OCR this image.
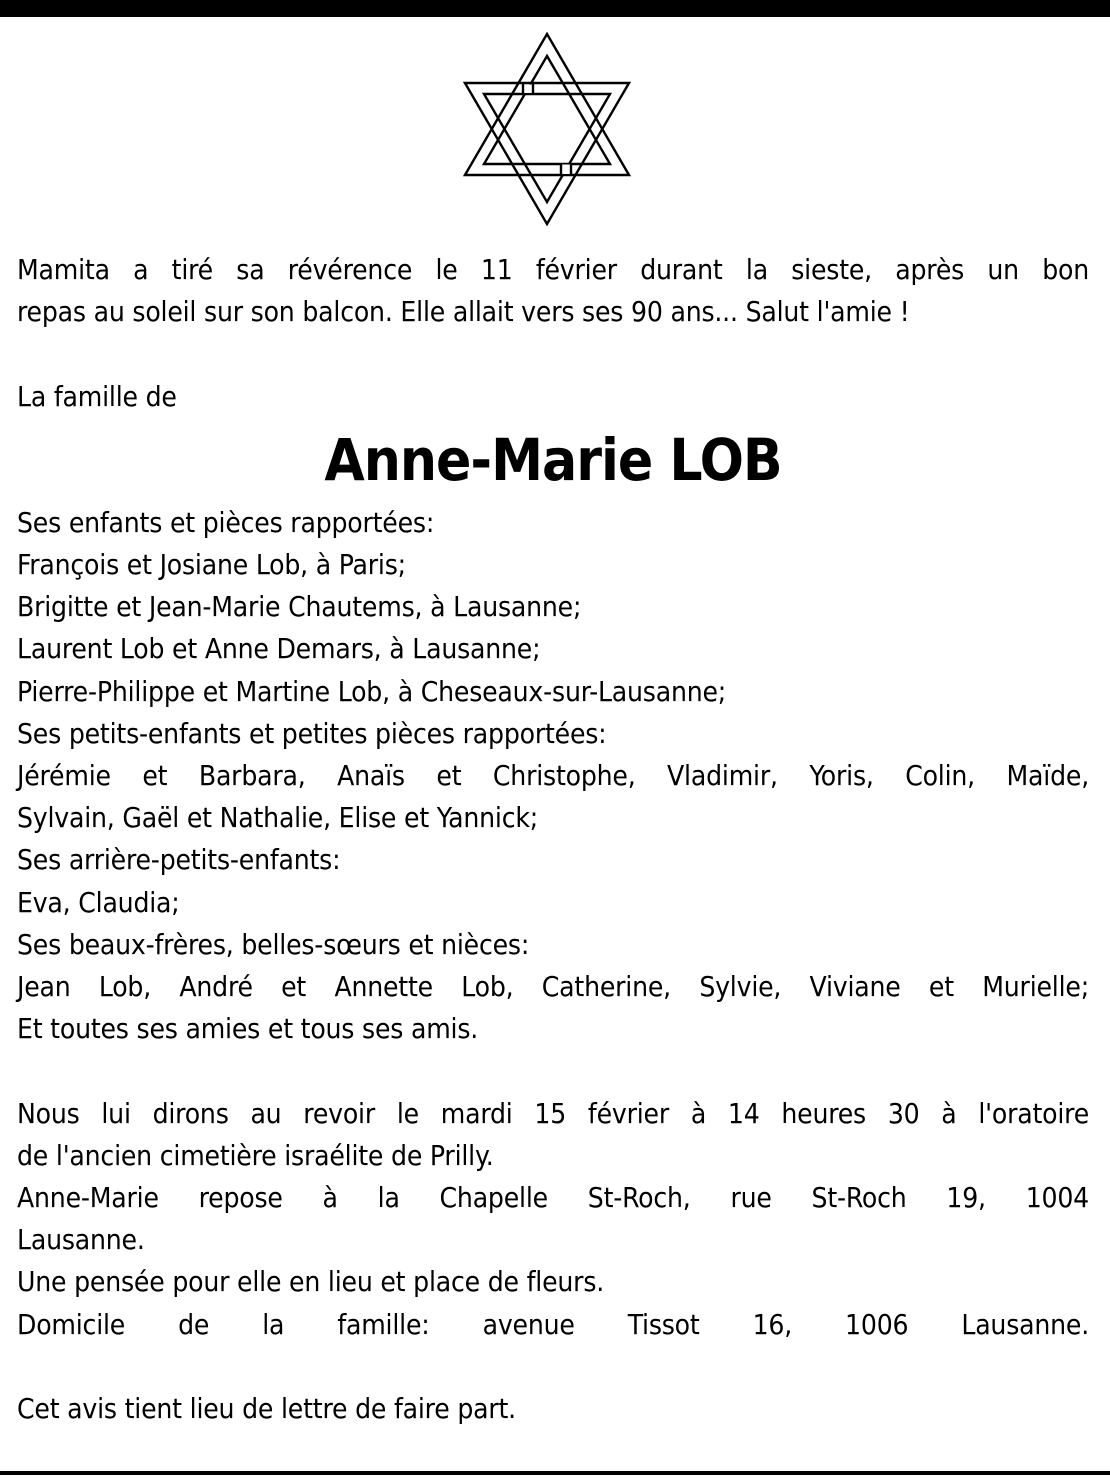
Mamita a tiré sa révérence le 11 février durant la sieste, après un bon

repas au soleil sur son balcon. Elle allait vers ses 90 ans... Salut l'amie !

La famille de

Anne-Marie LOB

Ses enfants et pièces rapportées:

François et Josiane Lob, à Paris;

Brigitte et Jean-Marie Chautems, à Lausanne;

Laurent Lob et Anne Demars, à Lausanne;

Pierre-Philippe et Martine Lob, à Cheseaux-sur-Lausanne;

Ses petits-enfants et petites pièces rapportées:

Jérémie et Barbara, Anaïs et Christophe, Vladimir, Yoris, Colin, Maïde,

Sylvain, Gaël et Nathalie, Elise et Yannick;

Ses arrière-petits-enfants:

Eva, Claudia;

Ses beaux-frères, belles-sœurs et nièces:

Jean Lob, André et Annette Lob, Catherine, Sylvie, Viviane et Murielle;

Et toutes ses amies et tous ses amis.

Nous lui dirons au revoir le mardi 15 février à 14 heures 30 à l'oratoire

de l'ancien cimetière israélite de Prilly.

Anne-Marie repose à la Chapelle St-Roch, rue St-Roch 19, 1004

Lausanne.

Une pensée pour elle en lieu et place de fleurs.

Domicile de la famille: avenue Tissot 16, 1006 Lausanne.

Cet avis tient lieu de lettre de faire part.
